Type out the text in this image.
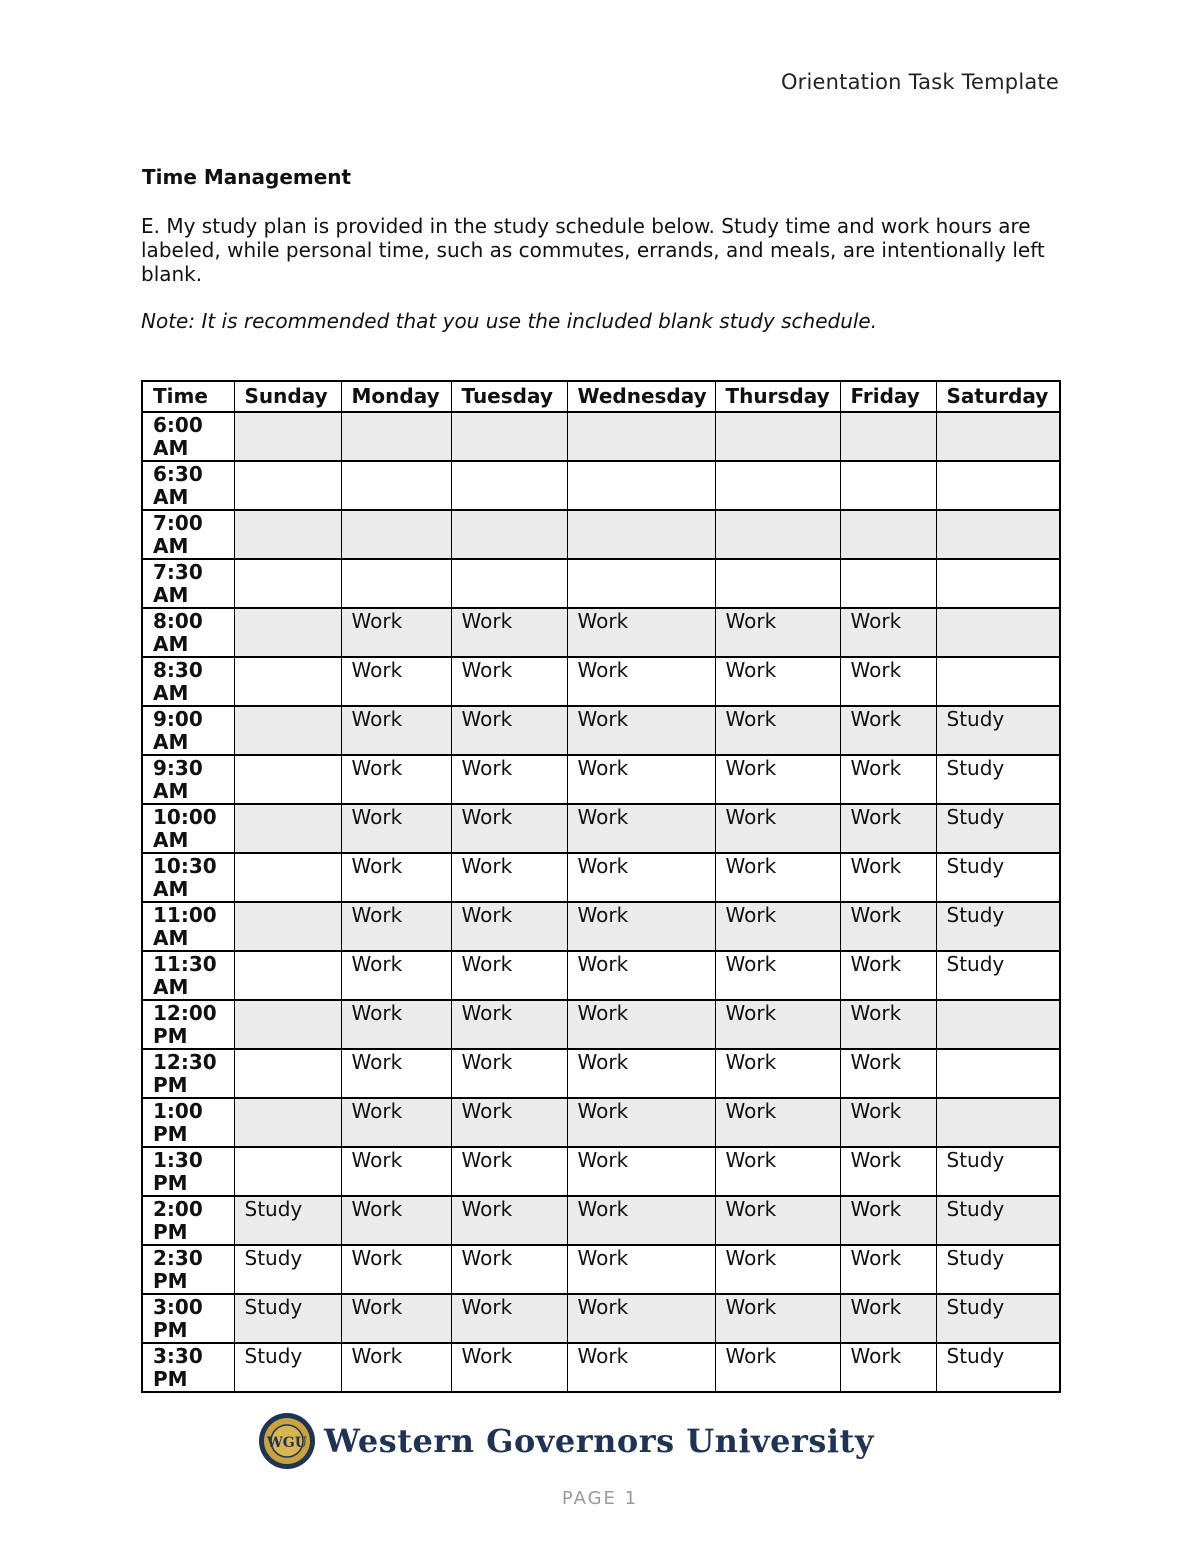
Orientation Task Template
Time Management
E. My study plan is provided in the study schedule below. Study time and work hours are labeled, while personal time, such as commutes, errands, and meals, are intentionally left blank.
Note: It is recommended that you use the included blank study schedule.
Time	Sunday	Monday	Tuesday	Wednesday	Thursday	Friday	Saturday
6:00 AM							
6:30 AM							
7:00 AM							
7:30 AM							
8:00 AM		Work	Work	Work	Work	Work	
8:30 AM		Work	Work	Work	Work	Work	
9:00 AM		Work	Work	Work	Work	Work	Study
9:30 AM		Work	Work	Work	Work	Work	Study
10:00 AM		Work	Work	Work	Work	Work	Study
10:30 AM		Work	Work	Work	Work	Work	Study
11:00 AM		Work	Work	Work	Work	Work	Study
11:30 AM		Work	Work	Work	Work	Work	Study
12:00 PM		Work	Work	Work	Work	Work	
12:30 PM		Work	Work	Work	Work	Work	
1:00 PM		Work	Work	Work	Work	Work	
1:30 PM		Work	Work	Work	Work	Work	Study
2:00 PM	Study	Work	Work	Work	Work	Work	Study
2:30 PM	Study	Work	Work	Work	Work	Work	Study
3:00 PM	Study	Work	Work	Work	Work	Work	Study
3:30 PM	Study	Work	Work	Work	Work	Work	Study
WGU Western Governors University
PAGE 1
